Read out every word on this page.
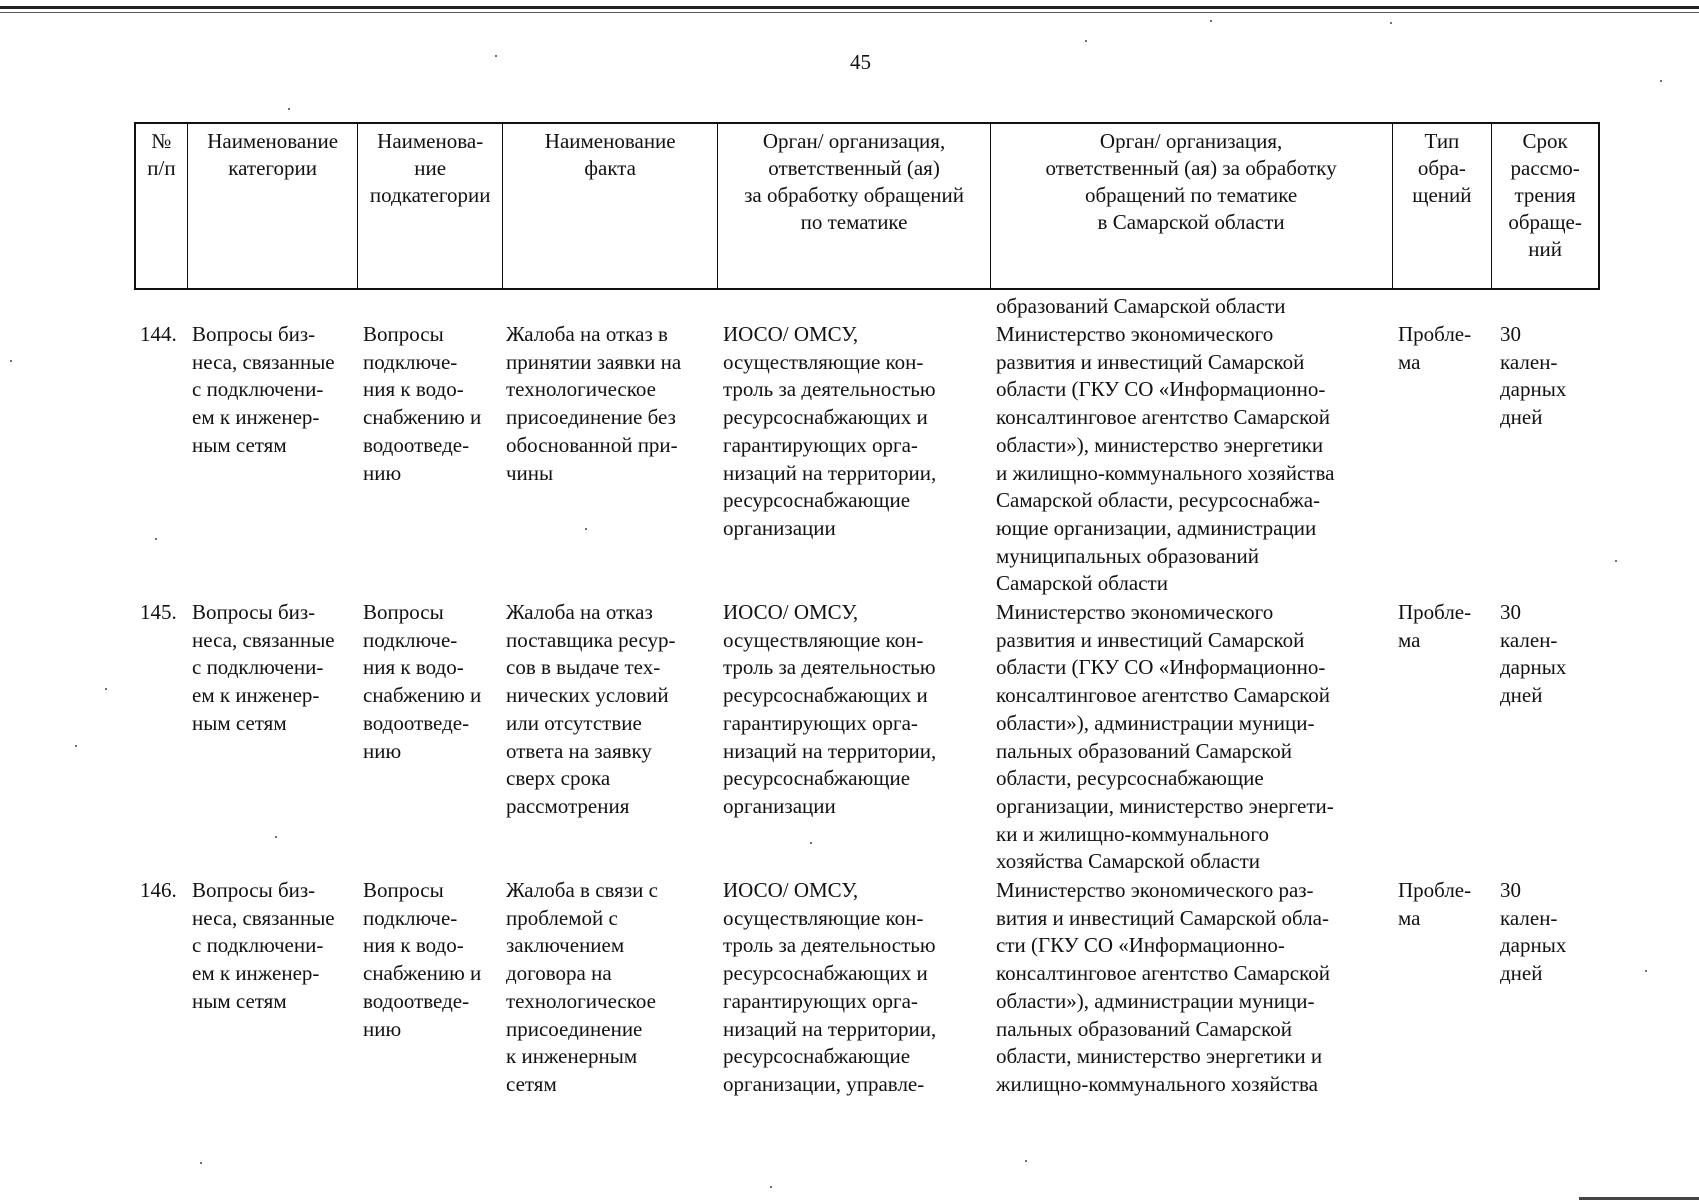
45
№
п/п
Наименование
категории
Наименова-
ние
подкатегории
Наименование
факта
Орган/ организация,
ответственный (ая)
за обработку обращений
по тематике
Орган/ организация,
ответственный (ая) за обработку
обращений по тематике
в Самарской области
Тип
обра-
щений
Срок
рассмо-
трения
обраще-
ний
образований Самарской области
144. Вопросы биз-
неса, связанные
с подключени-
ем к инженер-
ным сетям
Вопросы
подключе-
ния к водо-
снабжению и
водоотведе-
нию
Жалоба на отказ в
принятии заявки на
технологическое
присоединение без
обоснованной при-
чины
ИОСО/ ОМСУ,
осуществляющие кон-
троль за деятельностью
ресурсоснабжающих и
гарантирующих орга-
низаций на территории,
ресурсоснабжающие
организации
Министерство экономического
развития и инвестиций Самарской
области (ГКУ СО «Информационно-
консалтинговое агентство Самарской
области»), министерство энергетики
и жилищно-коммунального хозяйства
Самарской области, ресурсоснабжа-
ющие организации, администрации
муниципальных образований
Самарской области
Пробле-
ма
30
кален-
дарных
дней
145. Вопросы биз-
неса, связанные
с подключени-
ем к инженер-
ным сетям
Вопросы
подключе-
ния к водо-
снабжению и
водоотведе-
нию
Жалоба на отказ
поставщика ресур-
сов в выдаче тех-
нических условий
или отсутствие
ответа на заявку
сверх срока
рассмотрения
ИОСО/ ОМСУ,
осуществляющие кон-
троль за деятельностью
ресурсоснабжающих и
гарантирующих орга-
низаций на территории,
ресурсоснабжающие
организации
Министерство экономического
развития и инвестиций Самарской
области (ГКУ СО «Информационно-
консалтинговое агентство Самарской
области»), администрации муници-
пальных образований Самарской
области, ресурсоснабжающие
организации, министерство энергети-
ки и жилищно-коммунального
хозяйства Самарской области
Пробле-
ма
30
кален-
дарных
дней
146. Вопросы биз-
неса, связанные
с подключени-
ем к инженер-
ным сетям
Вопросы
подключе-
ния к водо-
снабжению и
водоотведе-
нию
Жалоба в связи с
проблемой с
заключением
договора на
технологическое
присоединение
к инженерным
сетям
ИОСО/ ОМСУ,
осуществляющие кон-
троль за деятельностью
ресурсоснабжающих и
гарантирующих орга-
низаций на территории,
ресурсоснабжающие
организации, управле-
Министерство экономического раз-
вития и инвестиций Самарской обла-
сти (ГКУ СО «Информационно-
консалтинговое агентство Самарской
области»), администрации муници-
пальных образований Самарской
области, министерство энергетики и
жилищно-коммунального хозяйства
Пробле-
ма
30
кален-
дарных
дней
